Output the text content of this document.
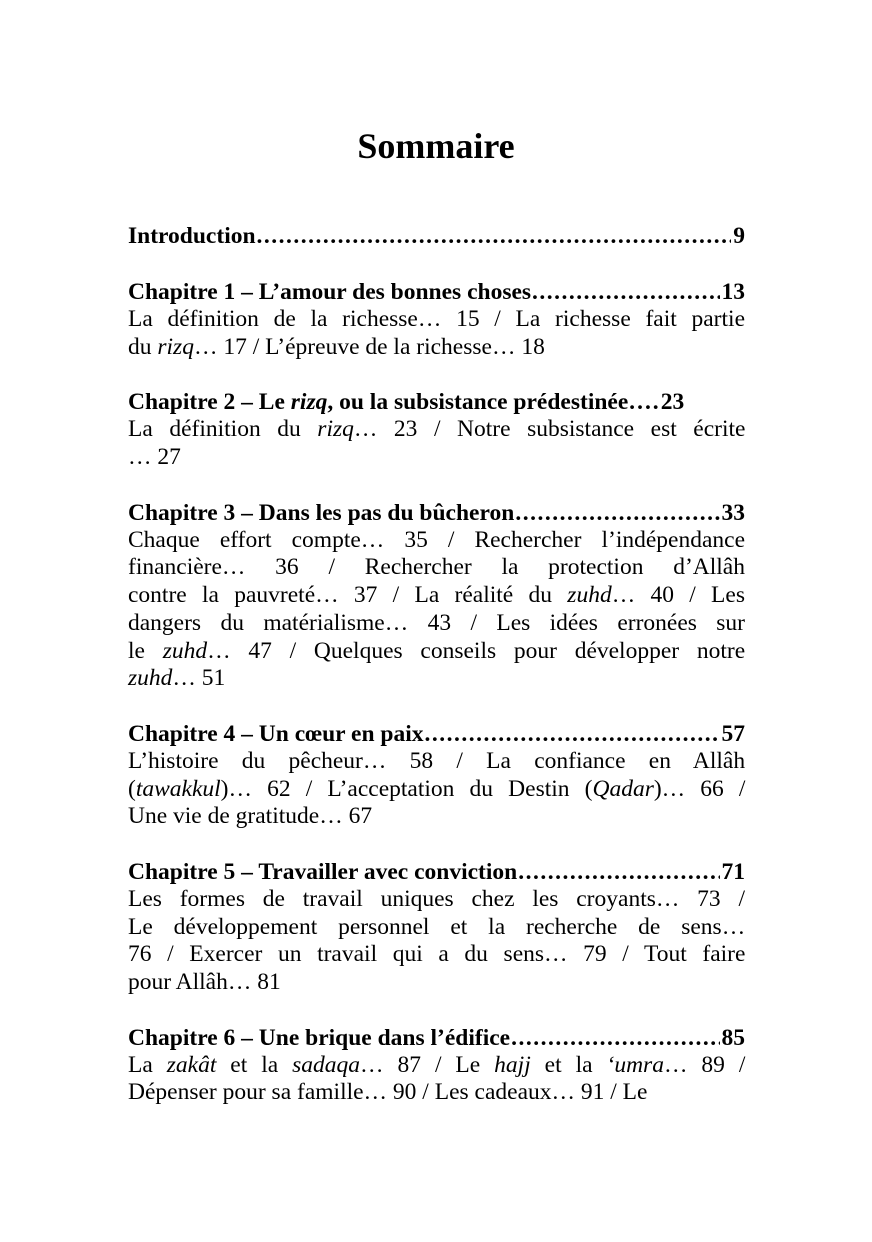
Sommaire
Introduction .....	9
Chapitre 1 – L’amour des bonnes choses .....	13
La définition de la richesse… 15 / La richesse fait partie
du rizq… 17 / L’épreuve de la richesse… 18
Chapitre 2 – Le rizq, ou la subsistance prédestinée… ..... 23
La définition du rizq… 23 / Notre subsistance est écrite
… 27
Chapitre 3 – Dans les pas du bûcheron .....	33
Chaque effort compte… 35 / Rechercher l’indépendance
financière… 36 / Rechercher la protection d’Allâh
contre la pauvreté… 37 / La réalité du zuhd… 40 / Les
dangers du matérialisme… 43 / Les idées erronées sur
le zuhd… 47 / Quelques conseils pour développer notre
zuhd… 51
Chapitre 4 – Un cœur en paix .....	57
L’histoire du pêcheur… 58 / La confiance en Allâh
(tawakkul)… 62 / L’acceptation du Destin (Qadar)… 66 /
Une vie de gratitude… 67
Chapitre 5 – Travailler avec conviction .....	71
Les formes de travail uniques chez les croyants… 73 /
Le développement personnel et la recherche de sens…
76 / Exercer un travail qui a du sens… 79 / Tout faire
pour Allâh… 81
Chapitre 6 – Une brique dans l’édifice .....	85
La zakât et la sadaqa… 87 / Le hajj et la ‘umra… 89 /
Dépenser pour sa famille… 90 / Les cadeaux… 91 / Le
